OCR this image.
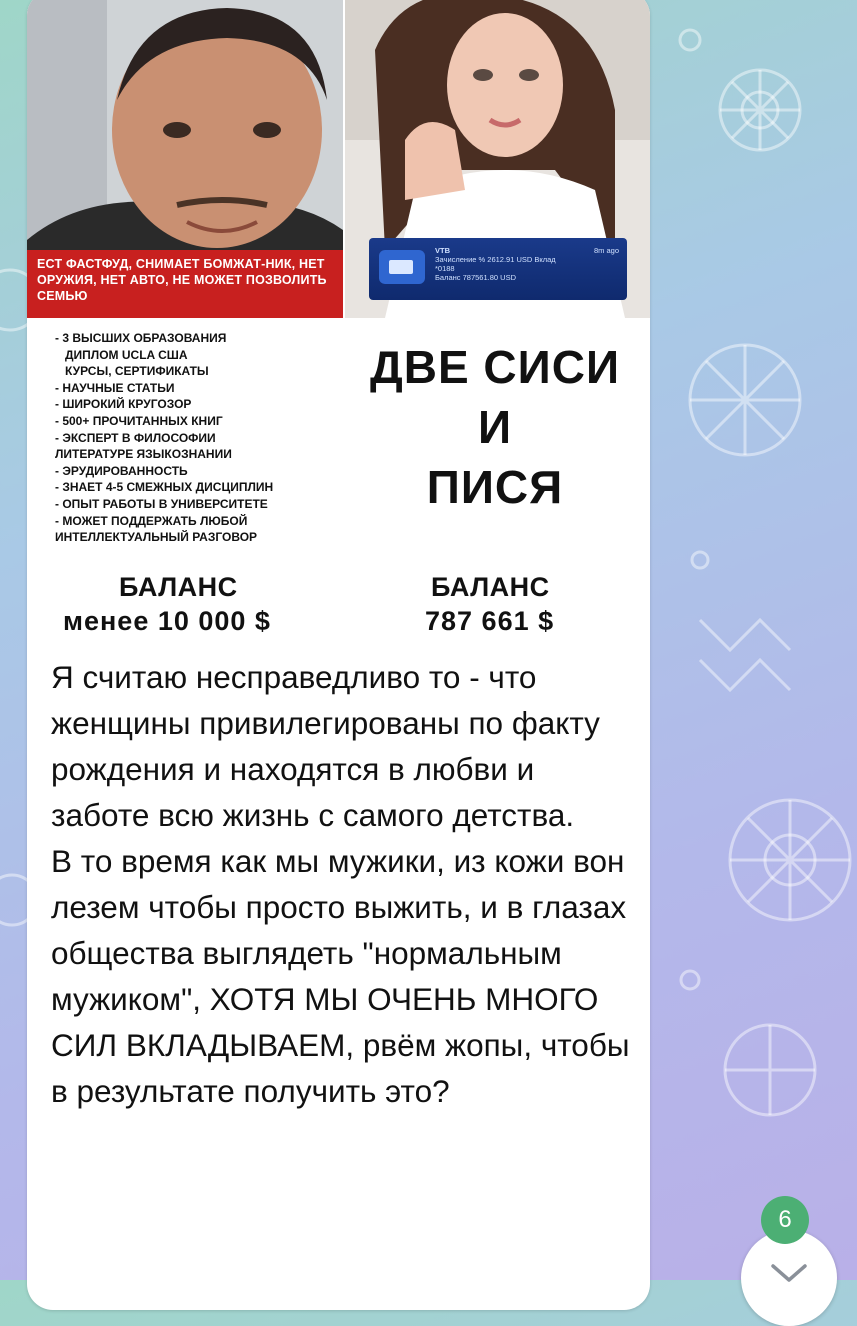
ЕСТ ФАСТФУД, СНИМАЕТ БОМЖАТ-НИК, НЕТ ОРУЖИЯ, НЕТ АВТО, НЕ МОЖЕТ ПОЗВОЛИТЬ СЕМЬЮ
VTB
Зачисление % 2612.91 USD Вклад
*0188
Баланс 787561.80 USD
8m ago
- 3 ВЫСШИХ ОБРАЗОВАНИЯ
ДИПЛОМ UCLA США
КУРСЫ, СЕРТИФИКАТЫ
- НАУЧНЫЕ СТАТЬИ
- ШИРОКИЙ КРУГОЗОР
- 500+ ПРОЧИТАННЫХ КНИГ
- ЭКСПЕРТ В ФИЛОСОФИИ
ЛИТЕРАТУРЕ ЯЗЫКОЗНАНИИ
- ЭРУДИРОВАННОСТЬ
- ЗНАЕТ 4-5 СМЕЖНЫХ ДИСЦИПЛИН
- ОПЫТ РАБОТЫ В УНИВЕРСИТЕТЕ
- МОЖЕТ ПОДДЕРЖАТЬ ЛЮБОЙ
ИНТЕЛЛЕКТУАЛЬНЫЙ РАЗГОВОР
ДВЕ СИСИ
И
ПИСЯ
БАЛАНС
менее 10 000 $
БАЛАНС
787 661 $

Я считаю несправедливо то - что женщины привилегированы по факту рождения и находятся в любви и заботе всю жизнь с самого детства.

В то время как мы мужики, из кожи вон лезем чтобы просто выжить, и в глазах общества выглядеть "нормальным мужиком", ХОТЯ МЫ ОЧЕНЬ МНОГО СИЛ ВКЛАДЫВАЕМ, рвём жопы, чтобы в результате получить это?

6
